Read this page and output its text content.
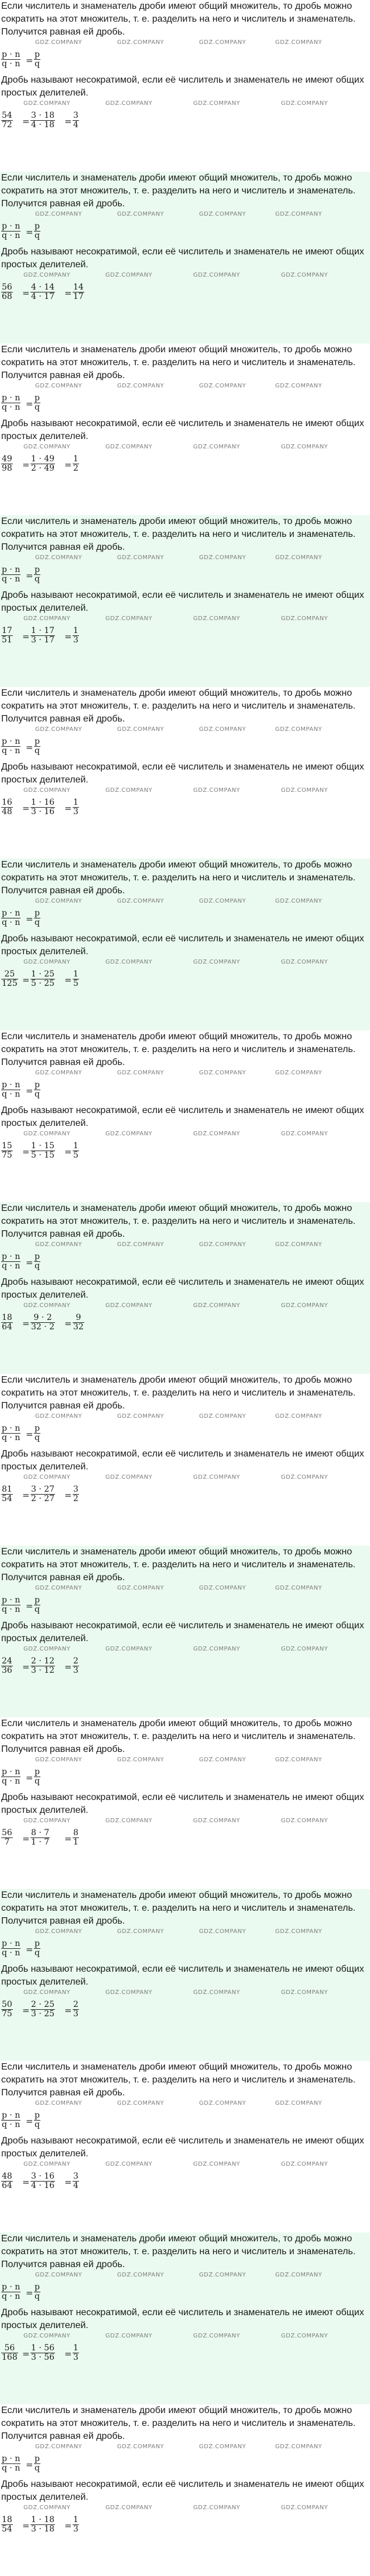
Если числитель и знаменатель дроби имеют общий множитель, то дробь можно сократить на этот множитель, т. е. разделить на него и числитель и знаменатель. Получится равная ей дробь.

GDZ.COMPANY	GDZ.COMPANY	GDZ.COMPANY	GDZ.COMPANY
$\frac{p \cdot n}{q \cdot n} = \frac{p}{q}$

Дробь называют несократимой, если её числитель и знаменатель не имеют общих простых делителей.

GDZ.COMPANY	GDZ.COMPANY	GDZ.COMPANY	GDZ.COMPANY
$\frac{54}{72} = \frac{3 \cdot 18}{4 \cdot 18} = \frac{3}{4}$

Если числитель и знаменатель дроби имеют общий множитель, то дробь можно сократить на этот множитель, т. е. разделить на него и числитель и знаменатель. Получится равная ей дробь.

GDZ.COMPANY	GDZ.COMPANY	GDZ.COMPANY	GDZ.COMPANY
$\frac{p \cdot n}{q \cdot n} = \frac{p}{q}$

Дробь называют несократимой, если её числитель и знаменатель не имеют общих простых делителей.

GDZ.COMPANY	GDZ.COMPANY	GDZ.COMPANY	GDZ.COMPANY
$\frac{56}{68} = \frac{4 \cdot 14}{4 \cdot 17} = \frac{14}{17}$

Если числитель и знаменатель дроби имеют общий множитель, то дробь можно сократить на этот множитель, т. е. разделить на него и числитель и знаменатель. Получится равная ей дробь.

GDZ.COMPANY	GDZ.COMPANY	GDZ.COMPANY	GDZ.COMPANY
$\frac{p \cdot n}{q \cdot n} = \frac{p}{q}$

Дробь называют несократимой, если её числитель и знаменатель не имеют общих простых делителей.

GDZ.COMPANY	GDZ.COMPANY	GDZ.COMPANY	GDZ.COMPANY
$\frac{49}{98} = \frac{1 \cdot 49}{2 \cdot 49} = \frac{1}{2}$

Если числитель и знаменатель дроби имеют общий множитель, то дробь можно сократить на этот множитель, т. е. разделить на него и числитель и знаменатель. Получится равная ей дробь.

GDZ.COMPANY	GDZ.COMPANY	GDZ.COMPANY	GDZ.COMPANY
$\frac{p \cdot n}{q \cdot n} = \frac{p}{q}$

Дробь называют несократимой, если её числитель и знаменатель не имеют общих простых делителей.

GDZ.COMPANY	GDZ.COMPANY	GDZ.COMPANY	GDZ.COMPANY
$\frac{17}{51} = \frac{1 \cdot 17}{3 \cdot 17} = \frac{1}{3}$

Если числитель и знаменатель дроби имеют общий множитель, то дробь можно сократить на этот множитель, т. е. разделить на него и числитель и знаменатель. Получится равная ей дробь.

GDZ.COMPANY	GDZ.COMPANY	GDZ.COMPANY	GDZ.COMPANY
$\frac{p \cdot n}{q \cdot n} = \frac{p}{q}$

Дробь называют несократимой, если её числитель и знаменатель не имеют общих простых делителей.

GDZ.COMPANY	GDZ.COMPANY	GDZ.COMPANY	GDZ.COMPANY
$\frac{16}{48} = \frac{1 \cdot 16}{3 \cdot 16} = \frac{1}{3}$

Если числитель и знаменатель дроби имеют общий множитель, то дробь можно сократить на этот множитель, т. е. разделить на него и числитель и знаменатель. Получится равная ей дробь.

GDZ.COMPANY	GDZ.COMPANY	GDZ.COMPANY	GDZ.COMPANY
$\frac{p \cdot n}{q \cdot n} = \frac{p}{q}$

Дробь называют несократимой, если её числитель и знаменатель не имеют общих простых делителей.

GDZ.COMPANY	GDZ.COMPANY	GDZ.COMPANY	GDZ.COMPANY
$\frac{25}{125} = \frac{1 \cdot 25}{5 \cdot 25} = \frac{1}{5}$

Если числитель и знаменатель дроби имеют общий множитель, то дробь можно сократить на этот множитель, т. е. разделить на него и числитель и знаменатель. Получится равная ей дробь.

GDZ.COMPANY	GDZ.COMPANY	GDZ.COMPANY	GDZ.COMPANY
$\frac{p \cdot n}{q \cdot n} = \frac{p}{q}$

Дробь называют несократимой, если её числитель и знаменатель не имеют общих простых делителей.

GDZ.COMPANY	GDZ.COMPANY	GDZ.COMPANY	GDZ.COMPANY
$\frac{15}{75} = \frac{1 \cdot 15}{5 \cdot 15} = \frac{1}{5}$

Если числитель и знаменатель дроби имеют общий множитель, то дробь можно сократить на этот множитель, т. е. разделить на него и числитель и знаменатель. Получится равная ей дробь.

GDZ.COMPANY	GDZ.COMPANY	GDZ.COMPANY	GDZ.COMPANY
$\frac{p \cdot n}{q \cdot n} = \frac{p}{q}$

Дробь называют несократимой, если её числитель и знаменатель не имеют общих простых делителей.

GDZ.COMPANY	GDZ.COMPANY	GDZ.COMPANY	GDZ.COMPANY
$\frac{18}{64} = \frac{9 \cdot 2}{32 \cdot 2} = \frac{9}{32}$

Если числитель и знаменатель дроби имеют общий множитель, то дробь можно сократить на этот множитель, т. е. разделить на него и числитель и знаменатель. Получится равная ей дробь.

GDZ.COMPANY	GDZ.COMPANY	GDZ.COMPANY	GDZ.COMPANY
$\frac{p \cdot n}{q \cdot n} = \frac{p}{q}$

Дробь называют несократимой, если её числитель и знаменатель не имеют общих простых делителей.

GDZ.COMPANY	GDZ.COMPANY	GDZ.COMPANY	GDZ.COMPANY
$\frac{81}{54} = \frac{3 \cdot 27}{2 \cdot 27} = \frac{3}{2}$

Если числитель и знаменатель дроби имеют общий множитель, то дробь можно сократить на этот множитель, т. е. разделить на него и числитель и знаменатель. Получится равная ей дробь.

GDZ.COMPANY	GDZ.COMPANY	GDZ.COMPANY	GDZ.COMPANY
$\frac{p \cdot n}{q \cdot n} = \frac{p}{q}$

Дробь называют несократимой, если её числитель и знаменатель не имеют общих простых делителей.

GDZ.COMPANY	GDZ.COMPANY	GDZ.COMPANY	GDZ.COMPANY
$\frac{24}{36} = \frac{2 \cdot 12}{3 \cdot 12} = \frac{2}{3}$

Если числитель и знаменатель дроби имеют общий множитель, то дробь можно сократить на этот множитель, т. е. разделить на него и числитель и знаменатель. Получится равная ей дробь.

GDZ.COMPANY	GDZ.COMPANY	GDZ.COMPANY	GDZ.COMPANY
$\frac{p \cdot n}{q \cdot n} = \frac{p}{q}$

Дробь называют несократимой, если её числитель и знаменатель не имеют общих простых делителей.

GDZ.COMPANY	GDZ.COMPANY	GDZ.COMPANY	GDZ.COMPANY
$\frac{56}{7} = \frac{8 \cdot 7}{1 \cdot 7} = \frac{8}{1}$

Если числитель и знаменатель дроби имеют общий множитель, то дробь можно сократить на этот множитель, т. е. разделить на него и числитель и знаменатель. Получится равная ей дробь.

GDZ.COMPANY	GDZ.COMPANY	GDZ.COMPANY	GDZ.COMPANY
$\frac{p \cdot n}{q \cdot n} = \frac{p}{q}$

Дробь называют несократимой, если её числитель и знаменатель не имеют общих простых делителей.

GDZ.COMPANY	GDZ.COMPANY	GDZ.COMPANY	GDZ.COMPANY
$\frac{50}{75} = \frac{2 \cdot 25}{3 \cdot 25} = \frac{2}{3}$

Если числитель и знаменатель дроби имеют общий множитель, то дробь можно сократить на этот множитель, т. е. разделить на него и числитель и знаменатель. Получится равная ей дробь.

GDZ.COMPANY	GDZ.COMPANY	GDZ.COMPANY	GDZ.COMPANY
$\frac{p \cdot n}{q \cdot n} = \frac{p}{q}$

Дробь называют несократимой, если её числитель и знаменатель не имеют общих простых делителей.

GDZ.COMPANY	GDZ.COMPANY	GDZ.COMPANY	GDZ.COMPANY
$\frac{48}{64} = \frac{3 \cdot 16}{4 \cdot 16} = \frac{3}{4}$

Если числитель и знаменатель дроби имеют общий множитель, то дробь можно сократить на этот множитель, т. е. разделить на него и числитель и знаменатель. Получится равная ей дробь.

GDZ.COMPANY	GDZ.COMPANY	GDZ.COMPANY	GDZ.COMPANY
$\frac{p \cdot n}{q \cdot n} = \frac{p}{q}$

Дробь называют несократимой, если её числитель и знаменатель не имеют общих простых делителей.

GDZ.COMPANY	GDZ.COMPANY	GDZ.COMPANY	GDZ.COMPANY
$\frac{56}{168} = \frac{1 \cdot 56}{3 \cdot 56} = \frac{1}{3}$

Если числитель и знаменатель дроби имеют общий множитель, то дробь можно сократить на этот множитель, т. е. разделить на него и числитель и знаменатель. Получится равная ей дробь.

GDZ.COMPANY	GDZ.COMPANY	GDZ.COMPANY	GDZ.COMPANY
$\frac{p \cdot n}{q \cdot n} = \frac{p}{q}$

Дробь называют несократимой, если её числитель и знаменатель не имеют общих простых делителей.

GDZ.COMPANY	GDZ.COMPANY	GDZ.COMPANY	GDZ.COMPANY
$\frac{18}{54} = \frac{1 \cdot 18}{3 \cdot 18} = \frac{1}{3}$
